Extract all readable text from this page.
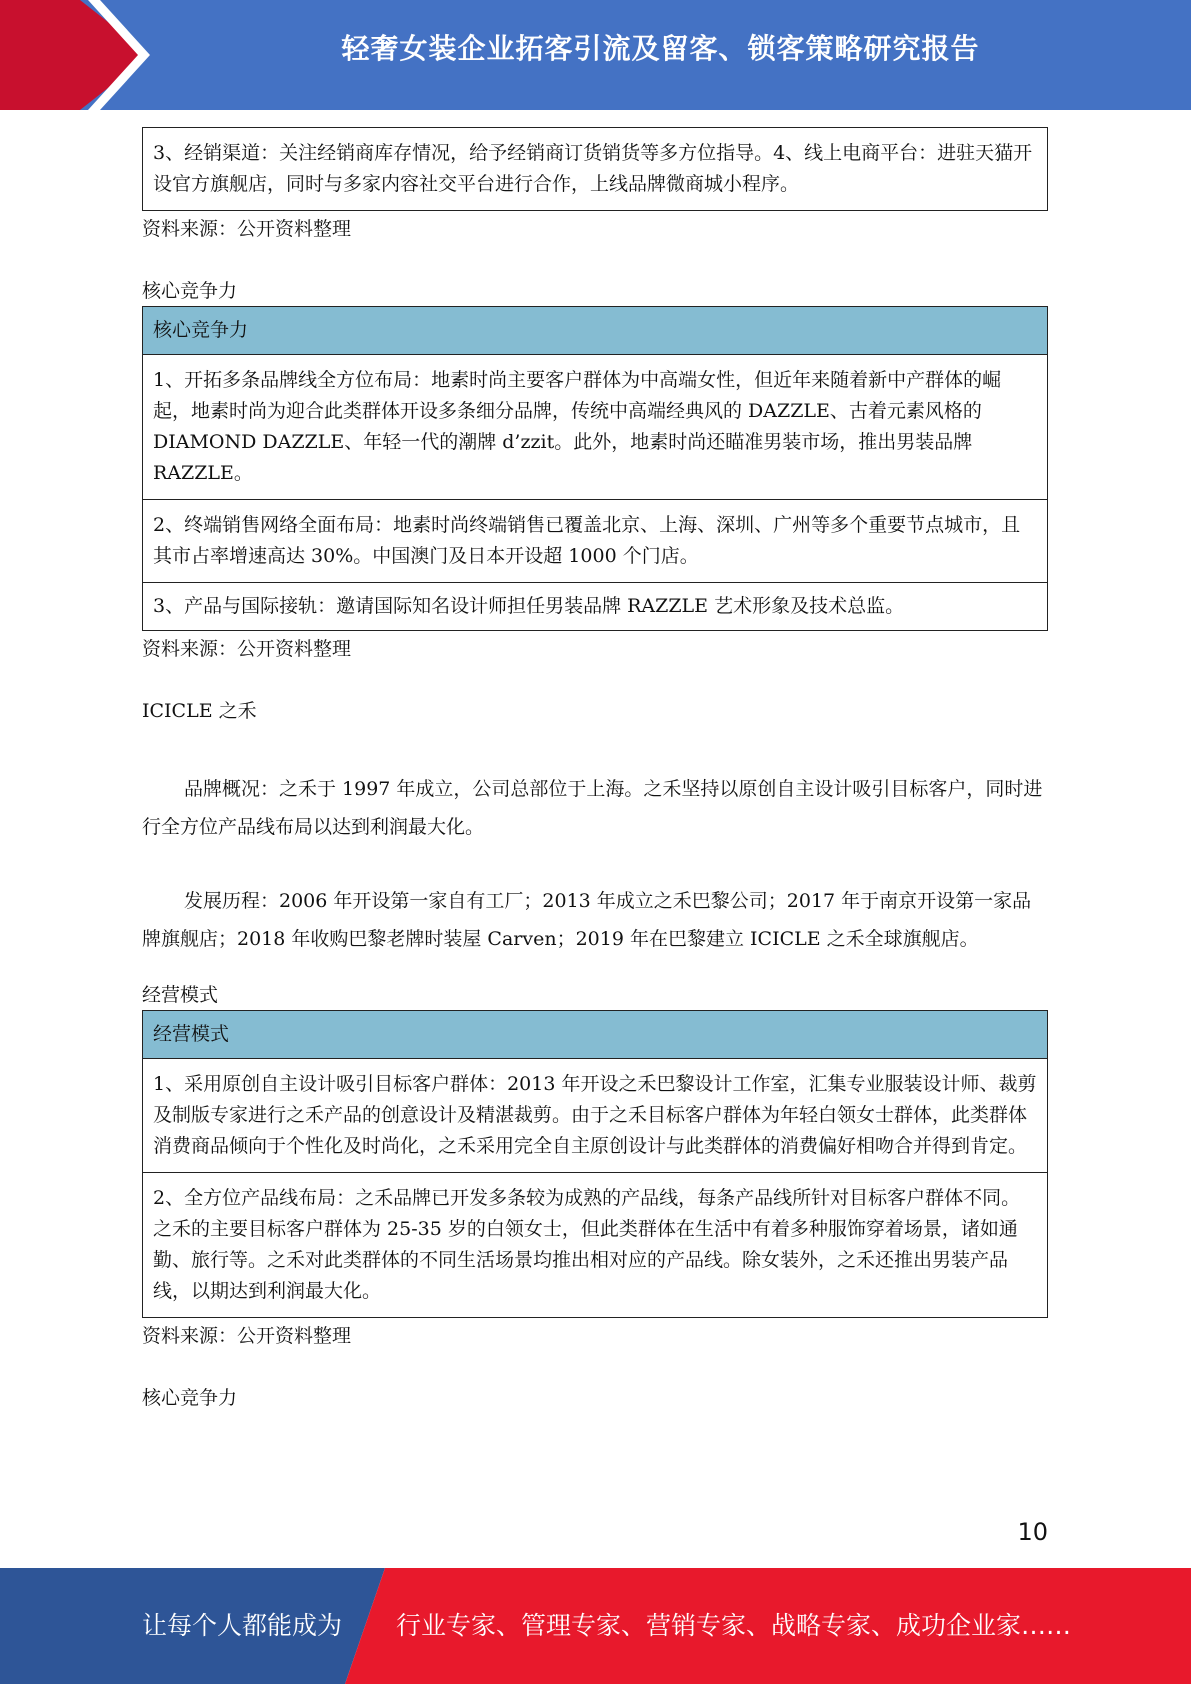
轻奢女装企业拓客引流及留客、锁客策略研究报告
3、经销渠道：关注经销商库存情况，给予经销商订货销货等多方位指导。4、线上电商平台：进驻天猫开设官方旗舰店，同时与多家内容社交平台进行合作，上线品牌微商城小程序。
资料来源：公开资料整理
核心竞争力
核心竞争力
1、开拓多条品牌线全方位布局：地素时尚主要客户群体为中高端女性，但近年来随着新中产群体的崛起，地素时尚为迎合此类群体开设多条细分品牌，传统中高端经典风的 DAZZLE、古着元素风格的 DIAMOND DAZZLE、年轻一代的潮牌 d’zzit。此外，地素时尚还瞄准男装市场，推出男装品牌 RAZZLE。
2、终端销售网络全面布局：地素时尚终端销售已覆盖北京、上海、深圳、广州等多个重要节点城市，且其市占率增速高达 30%。中国澳门及日本开设超 1000 个门店。
3、产品与国际接轨：邀请国际知名设计师担任男装品牌 RAZZLE 艺术形象及技术总监。
资料来源：公开资料整理
ICICLE 之禾

品牌概况：之禾于 1997 年成立，公司总部位于上海。之禾坚持以原创自主设计吸引目标客户，同时进行全方位产品线布局以达到利润最大化。

发展历程：2006 年开设第一家自有工厂；2013 年成立之禾巴黎公司；2017 年于南京开设第一家品牌旗舰店；2018 年收购巴黎老牌时装屋 Carven；2019 年在巴黎建立 ICICLE 之禾全球旗舰店。

经营模式
经营模式
1、采用原创自主设计吸引目标客户群体：2013 年开设之禾巴黎设计工作室，汇集专业服装设计师、裁剪及制版专家进行之禾产品的创意设计及精湛裁剪。由于之禾目标客户群体为年轻白领女士群体，此类群体消费商品倾向于个性化及时尚化，之禾采用完全自主原创设计与此类群体的消费偏好相吻合并得到肯定。
2、全方位产品线布局：之禾品牌已开发多条较为成熟的产品线，每条产品线所针对目标客户群体不同。之禾的主要目标客户群体为 25-35 岁的白领女士，但此类群体在生活中有着多种服饰穿着场景，诸如通勤、旅行等。之禾对此类群体的不同生活场景均推出相对应的产品线。除女装外，之禾还推出男装产品线，以期达到利润最大化。
资料来源：公开资料整理
核心竞争力
10
让每个人都能成为 行业专家、管理专家、营销专家、战略专家、成功企业家……
